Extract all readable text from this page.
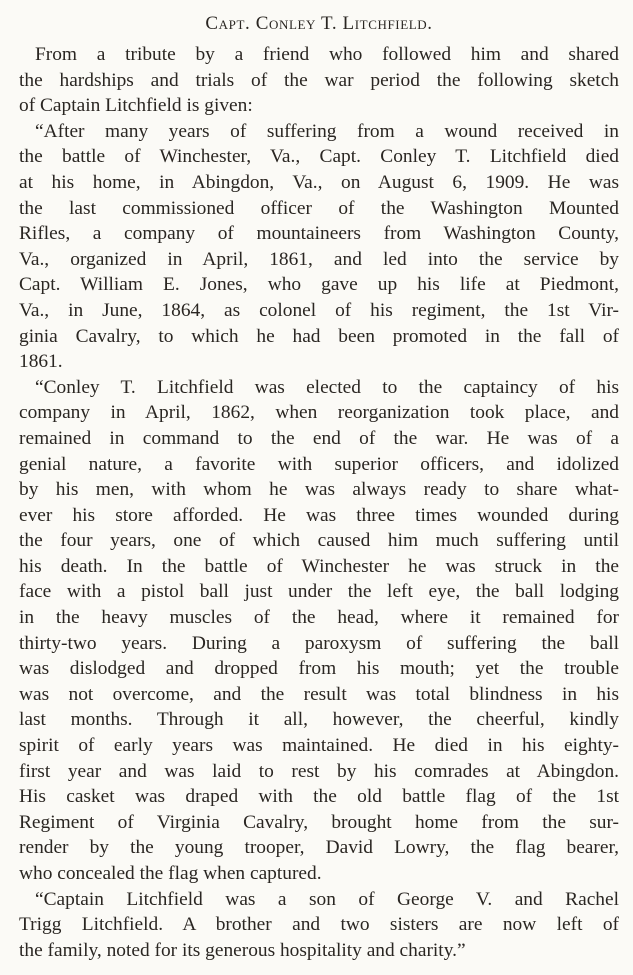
Capt. Conley T. Litchfield.

From a tribute by a friend who followed him and shared
the hardships and trials of the war period the following sketch
of Captain Litchfield is given:

“After many years of suffering from a wound received in
the battle of Winchester, Va., Capt. Conley T. Litchfield died
at his home, in Abingdon, Va., on August 6, 1909. He was
the last commissioned officer of the Washington Mounted
Rifles, a company of mountaineers from Washington County,
Va., organized in April, 1861, and led into the service by
Capt. William E. Jones, who gave up his life at Piedmont,
Va., in June, 1864, as colonel of his regiment, the 1st Vir-
ginia Cavalry, to which he had been promoted in the fall of
1861.

“Conley T. Litchfield was elected to the captaincy of his
company in April, 1862, when reorganization took place, and
remained in command to the end of the war. He was of a
genial nature, a favorite with superior officers, and idolized
by his men, with whom he was always ready to share what-
ever his store afforded. He was three times wounded during
the four years, one of which caused him much suffering until
his death. In the battle of Winchester he was struck in the
face with a pistol ball just under the left eye, the ball lodging
in the heavy muscles of the head, where it remained for
thirty-two years. During a paroxysm of suffering the ball
was dislodged and dropped from his mouth; yet the trouble
was not overcome, and the result was total blindness in his
last months. Through it all, however, the cheerful, kindly
spirit of early years was maintained. He died in his eighty-
first year and was laid to rest by his comrades at Abingdon.
His casket was draped with the old battle flag of the 1st
Regiment of Virginia Cavalry, brought home from the sur-
render by the young trooper, David Lowry, the flag bearer,
who concealed the flag when captured.

“Captain Litchfield was a son of George V. and Rachel
Trigg Litchfield. A brother and two sisters are now left of
the family, noted for its generous hospitality and charity.”
